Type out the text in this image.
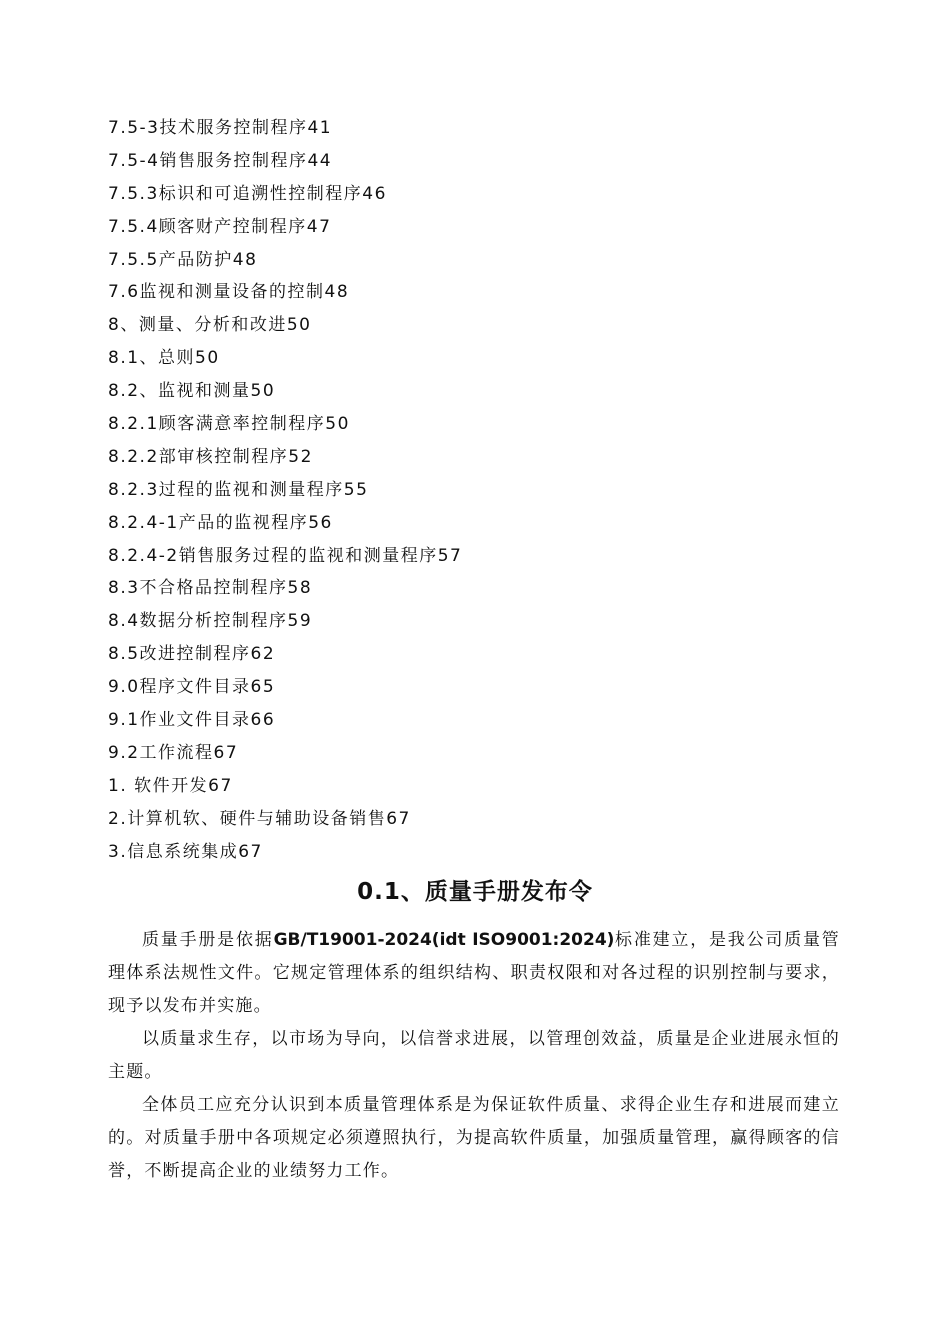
7.5-3技术服务控制程序41
7.5-4销售服务控制程序44
7.5.3标识和可追溯性控制程序46
7.5.4顾客财产控制程序47
7.5.5产品防护48
7.6监视和测量设备的控制48
8、测量、分析和改进50
8.1、总则50
8.2、监视和测量50
8.2.1顾客满意率控制程序50
8.2.2部审核控制程序52
8.2.3过程的监视和测量程序55
8.2.4-1产品的监视程序56
8.2.4-2销售服务过程的监视和测量程序57
8.3不合格品控制程序58
8.4数据分析控制程序59
8.5改进控制程序62
9.0程序文件目录65
9.1作业文件目录66
9.2工作流程67
1. 软件开发67
2.计算机软、硬件与辅助设备销售67
3.信息系统集成67
0.1、质量手册发布令

质量手册是依据GB/T19001-2024(idt ISO9001:2024)标准建立，是我公司质量管理体系法规性文件。它规定管理体系的组织结构、职责权限和对各过程的识别控制与要求，现予以发布并实施。

以质量求生存，以市场为导向，以信誉求进展，以管理创效益，质量是企业进展永恒的主题。

全体员工应充分认识到本质量管理体系是为保证软件质量、求得企业生存和进展而建立的。对质量手册中各项规定必须遵照执行，为提高软件质量，加强质量管理，赢得顾客的信誉，不断提高企业的业绩努力工作。
